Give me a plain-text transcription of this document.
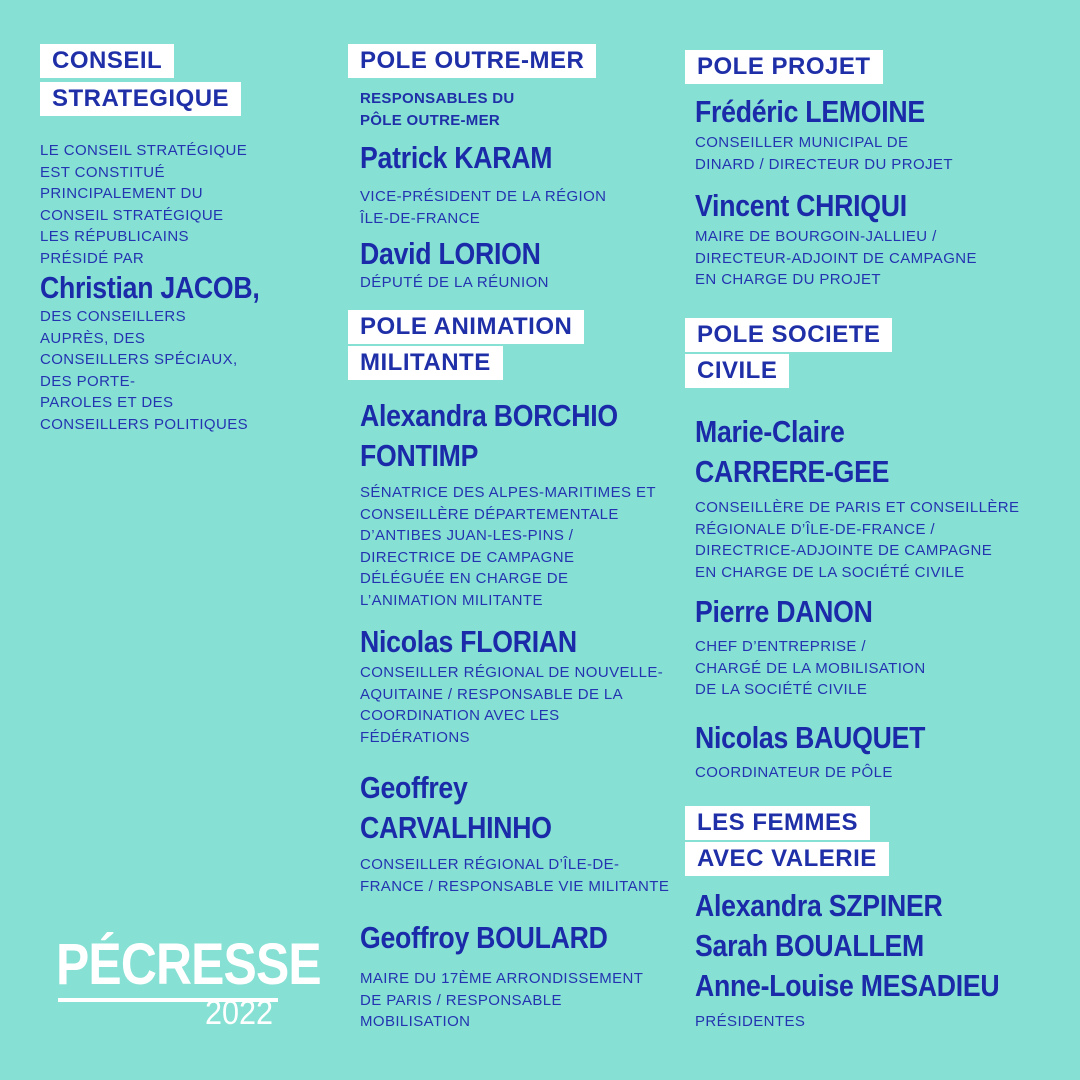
CONSEIL
STRATEGIQUE
LE CONSEIL STRATÉGIQUE
EST CONSTITUÉ
PRINCIPALEMENT DU
CONSEIL STRATÉGIQUE
LES RÉPUBLICAINS
PRÉSIDÉ PAR
Christian JACOB,
DES CONSEILLERS
AUPRÈS, DES
CONSEILLERS SPÉCIAUX,
DES PORTE-
PAROLES ET DES
CONSEILLERS POLITIQUES
POLE OUTRE-MER
RESPONSABLES DU
PÔLE OUTRE-MER
Patrick KARAM
VICE-PRÉSIDENT DE LA RÉGION
ÎLE-DE-FRANCE
David LORION
DÉPUTÉ DE LA RÉUNION
POLE ANIMATION
MILITANTE
Alexandra BORCHIO
FONTIMP
SÉNATRICE DES ALPES-MARITIMES ET
CONSEILLÈRE DÉPARTEMENTALE
D’ANTIBES JUAN-LES-PINS /
DIRECTRICE DE CAMPAGNE
DÉLÉGUÉE EN CHARGE DE
L’ANIMATION MILITANTE
Nicolas FLORIAN
CONSEILLER RÉGIONAL DE NOUVELLE-
AQUITAINE / RESPONSABLE DE LA
COORDINATION AVEC LES
FÉDÉRATIONS
Geoffrey
CARVALHINHO
CONSEILLER RÉGIONAL D’ÎLE-DE-
FRANCE / RESPONSABLE VIE MILITANTE
Geoffroy BOULARD
MAIRE DU 17ÈME ARRONDISSEMENT
DE PARIS / RESPONSABLE
MOBILISATION
POLE PROJET
Frédéric LEMOINE
CONSEILLER MUNICIPAL DE
DINARD / DIRECTEUR DU PROJET
Vincent CHRIQUI
MAIRE DE BOURGOIN-JALLIEU /
DIRECTEUR-ADJOINT DE CAMPAGNE
EN CHARGE DU PROJET
POLE SOCIETE
CIVILE
Marie-Claire
CARRERE-GEE
CONSEILLÈRE DE PARIS ET CONSEILLÈRE
RÉGIONALE D’ÎLE-DE-FRANCE /
DIRECTRICE-ADJOINTE DE CAMPAGNE
EN CHARGE DE LA SOCIÉTÉ CIVILE
Pierre DANON
CHEF D’ENTREPRISE /
CHARGÉ DE LA MOBILISATION
DE LA SOCIÉTÉ CIVILE
Nicolas BAUQUET
COORDINATEUR DE PÔLE
LES FEMMES
AVEC VALERIE
Alexandra SZPINER
Sarah BOUALLEM
Anne-Louise MESADIEU
PRÉSIDENTES
PÉCRESSE
2022
